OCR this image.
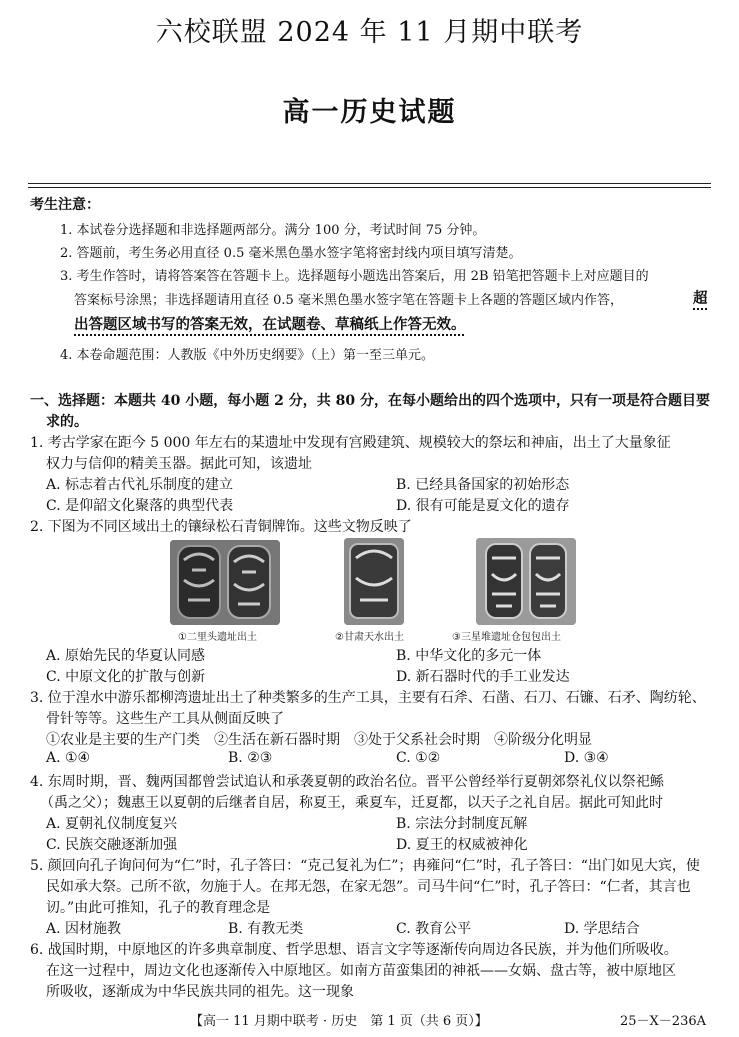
六校联盟 2024 年 11 月期中联考
高一历史试题
考生注意：
1. 本试卷分选择题和非选择题两部分。满分 100 分，考试时间 75 分钟。
2. 答题前，考生务必用直径 0.5 毫米黑色墨水签字笔将密封线内项目填写清楚。
3. 考生作答时，请将答案答在答题卡上。选择题每小题选出答案后，用 2B 铅笔把答题卡上对应题目的
答案标号涂黑；非选择题请用直径 0.5 毫米黑色墨水签字笔在答题卡上各题的答题区域内作答，	超
出答题区域书写的答案无效，在试题卷、草稿纸上作答无效。
4. 本卷命题范围：人教版《中外历史纲要》（上）第一至三单元。
一、选择题：本题共 40 小题，每小题 2 分，共 80 分，在每小题给出的四个选项中，只有一项是符合题目要
求的。
1. 考古学家在距今 5 000 年左右的某遗址中发现有宫殿建筑、规模较大的祭坛和神庙，出土了大量象征
权力与信仰的精美玉器。据此可知，该遗址
A. 标志着古代礼乐制度的建立	B. 已经具备国家的初始形态
C. 是仰韶文化聚落的典型代表	D. 很有可能是夏文化的遗存
2. 下图为不同区域出土的镶绿松石青铜牌饰。这些文物反映了
①二里头遗址出土	②甘肃天水出土	③三星堆遗址仓包包出土
A. 原始先民的华夏认同感	B. 中华文化的多元一体
C. 中原文化的扩散与创新	D. 新石器时代的手工业发达
3. 位于湟水中游乐都柳湾遗址出土了种类繁多的生产工具，主要有石斧、石凿、石刀、石镰、石矛、陶纺轮、
骨针等等。这些生产工具从侧面反映了
①农业是主要的生产门类　②生活在新石器时期　③处于父系社会时期　④阶级分化明显
A. ①④	B. ②③	C. ①②	D. ③④
4. 东周时期，晋、魏两国都曾尝试追认和承袭夏朝的政治名位。晋平公曾经举行夏朝郊祭礼仪以祭祀鲧
（禹之父）；魏惠王以夏朝的后继者自居，称夏王，乘夏车，迁夏都，以天子之礼自居。据此可知此时
A. 夏朝礼仪制度复兴	B. 宗法分封制度瓦解
C. 民族交融逐渐加强	D. 夏王的权威被神化
5. 颜回向孔子询问何为“仁”时，孔子答曰：“克己复礼为仁”；冉雍问“仁”时，孔子答曰：“出门如见大宾，使
民如承大祭。己所不欲，勿施于人。在邦无怨，在家无怨”。司马牛问“仁”时，孔子答曰：“仁者，其言也
讱。”由此可推知，孔子的教育理念是
A. 因材施教	B. 有教无类	C. 教育公平	D. 学思结合
6. 战国时期，中原地区的许多典章制度、哲学思想、语言文字等逐渐传向周边各民族，并为他们所吸收。
在这一过程中，周边文化也逐渐传入中原地区。如南方苗蛮集团的神祇——女娲、盘古等，被中原地区
所吸收，逐渐成为中华民族共同的祖先。这一现象
【高一 11 月期中联考 · 历史　第 1 页（共 6 页）】	25－X－236A
